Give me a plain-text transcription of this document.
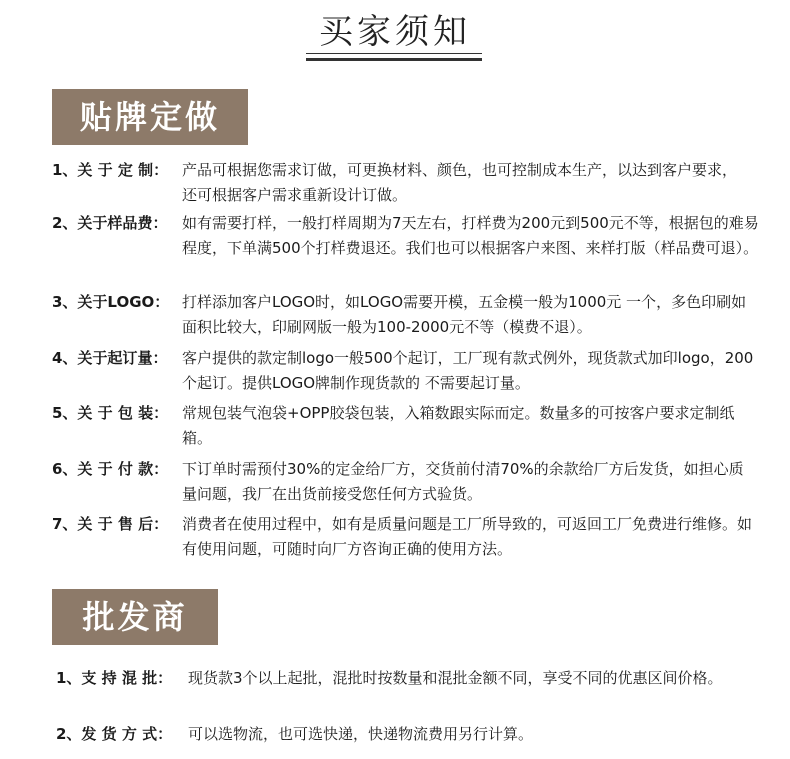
买家须知
贴牌定做
1、关 于 定 制： 产品可根据您需求订做，可更换材料、颜色，也可控制成本生产，以达到客户要求，还可根据客户需求重新设计订做。
2、关于样品费： 如有需要打样，一般打样周期为7天左右，打样费为200元到500元不等，根据包的难易程度，下单满500个打样费退还。我们也可以根据客户来图、来样打版（样品费可退）。
3、关于LOGO： 打样添加客户LOGO时，如LOGO需要开模，五金模一般为1000元 一个，多色印刷如面积比较大，印刷网版一般为100-2000元不等（模费不退）。
4、关于起订量： 客户提供的款定制logo一般500个起订，工厂现有款式例外，现货款式加印logo，200个起订。提供LOGO牌制作现货款的 不需要起订量。
5、关 于 包 装： 常规包装气泡袋+OPP胶袋包装，入箱数跟实际而定。数量多的可按客户要求定制纸箱。
6、关 于 付 款： 下订单时需预付30%的定金给厂方，交货前付清70%的余款给厂方后发货，如担心质量问题，我厂在出货前接受您任何方式验货。
7、关 于 售 后： 消费者在使用过程中，如有是质量问题是工厂所导致的，可返回工厂免费进行维修。如有使用问题，可随时向厂方咨询正确的使用方法。
批发商
1、支 持 混 批： 现货款3个以上起批，混批时按数量和混批金额不同，享受不同的优惠区间价格。
2、发 货 方 式： 可以选物流，也可选快递，快递物流费用另行计算。
